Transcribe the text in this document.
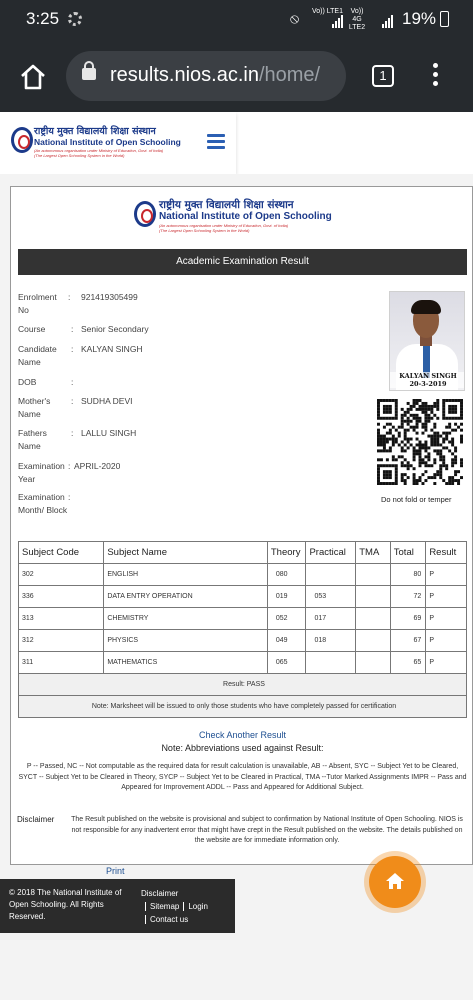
3:25	⦸ Vo)) LTE1	Vo)) 4G LTE2 19%
results.nios.ac.in/home/	1
राष्ट्रीय मुक्त विद्यालयी शिक्षा संस्थान
National Institute of Open Schooling
(An autonomous organisation under Ministry of Education, Govt. of India)
(The Largest Open Schooling System in the World)
राष्ट्रीय मुक्त विद्यालयी शिक्षा संस्थान
National Institute of Open Schooling
(An autonomous organisation under Ministry of Education, Govt. of India)
(The Largest Open Schooling System in the World)
Academic Examination Result
Enrolment No
: 921419305499
Course	: Senior Secondary
Candidate Name
: KALYAN SINGH
DOB	:
Mother's Name
: SUDHA DEVI
Fathers Name
: LALLU SINGH
Examination Year
: APRIL-2020
Examination Month/ Block
:
KALYAN SINGH
20-3-2019
Do not fold or temper
Subject Code	Subject Name	Theory	Practical	TMA	Total	Result
302	ENGLISH	080			80	P
336	DATA ENTRY OPERATION	019	053		72	P
313	CHEMISTRY	052	017		69	P
312	PHYSICS	049	018		67	P
311	MATHEMATICS	065			65	P
Result: PASS						
Note: Marksheet will be issued to only those students who have completely passed for certification						
Check Another Result
Note: Abbreviations used against Result:
P -- Passed, NC -- Not computable as the required data for result calculation is unavailable, AB -- Absent, SYC -- Subject Yet to be Cleared, SYCT -- Subject Yet to be Cleared in Theory, SYCP -- Subject Yet to be Cleared in Practical, TMA --Tutor Marked Assignments IMPR -- Pass and Appeared for Improvement ADDL -- Pass and Appeared for Additional Subject.
Disclaimer	The Result published on the website is provisional and subject to confirmation by National Institute of Open Schooling. NIOS is not responsible for any inadvertent error that might have crept in the Result published on the website. The details published on the website are for immediate information only.
Print
© 2018 The National Institute of Open Schooling. All Rights Reserved.
Disclaimer
Sitemap Login
Contact us
